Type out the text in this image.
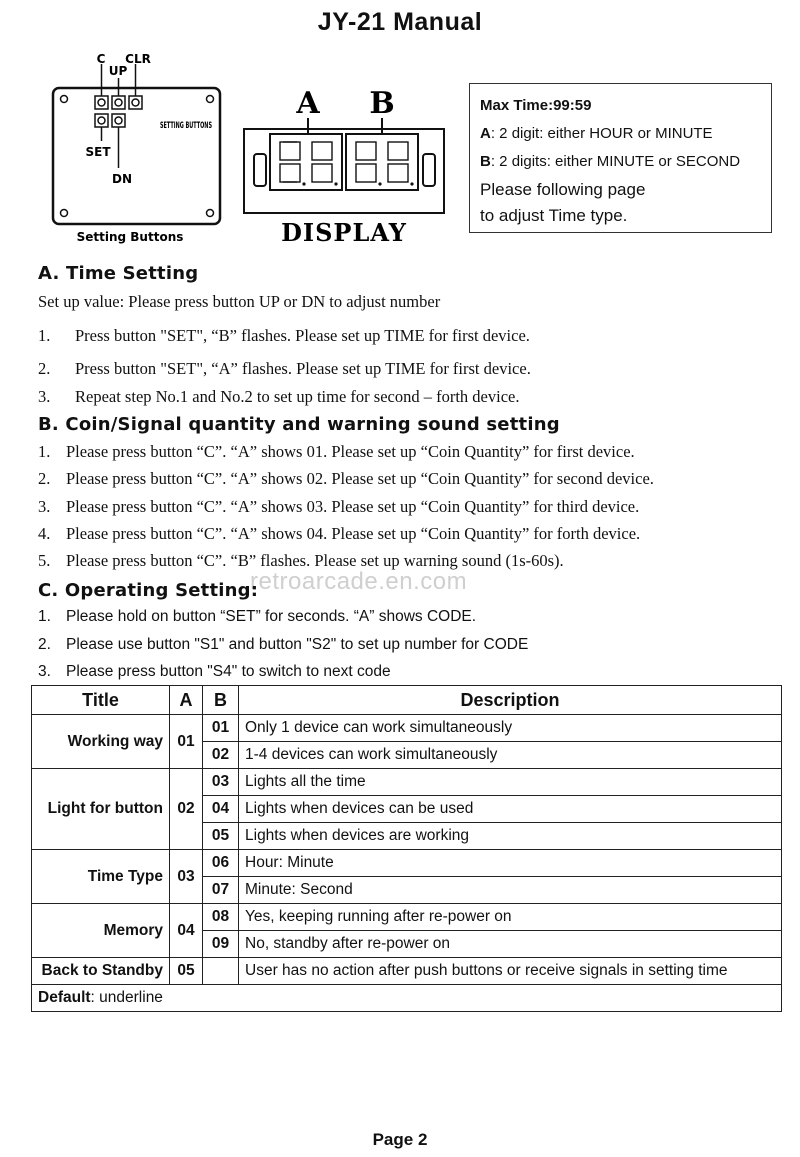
JY-21 Manual
C
UP
CLR
SET
DN
SETTING BUTTONS
Setting Buttons
A B
DISPLAY
Max Time:99:59
A: 2 digit: either HOUR or MINUTE
B: 2 digits: either MINUTE or SECOND
Please following page
to adjust Time type.
A. Time Setting
Set up value: Please press button UP or DN to adjust number
1. Press button "SET", “B” flashes. Please set up TIME for first device.
2. Press button "SET", “A” flashes. Please set up TIME for first device.
3. Repeat step No.1 and No.2 to set up time for second – forth device.
B. Coin/Signal quantity and warning sound setting
1. Please press button “C”. “A” shows 01. Please set up “Coin Quantity” for first device.
2. Please press button “C”. “A” shows 02. Please set up “Coin Quantity” for second device.
3. Please press button “C”. “A” shows 03. Please set up “Coin Quantity” for third device.
4. Please press button “C”. “A” shows 04. Please set up “Coin Quantity” for forth device.
5. Please press button “C”. “B” flashes. Please set up warning sound (1s-60s).
retroarcade.en.com
C. Operating Setting:
1. Please hold on button “SET” for seconds. “A” shows CODE.
2. Please use button "S1" and button "S2" to set up number for CODE
3. Please press button "S4" to switch to next code
Title	A	B	Description
Working way	01	01	Only 1 device can work simultaneously
		02	1-4 devices can work simultaneously
Light for button	02	03	Lights all the time
		04	Lights when devices can be used
		05	Lights when devices are working
Time Type	03	06	Hour: Minute
		07	Minute: Second
Memory	04	08	Yes, keeping running after re-power on
		09	No, standby after re-power on
Back to Standby	05		User has no action after push buttons or receive signals in setting time
Default: underline			
Page 2
